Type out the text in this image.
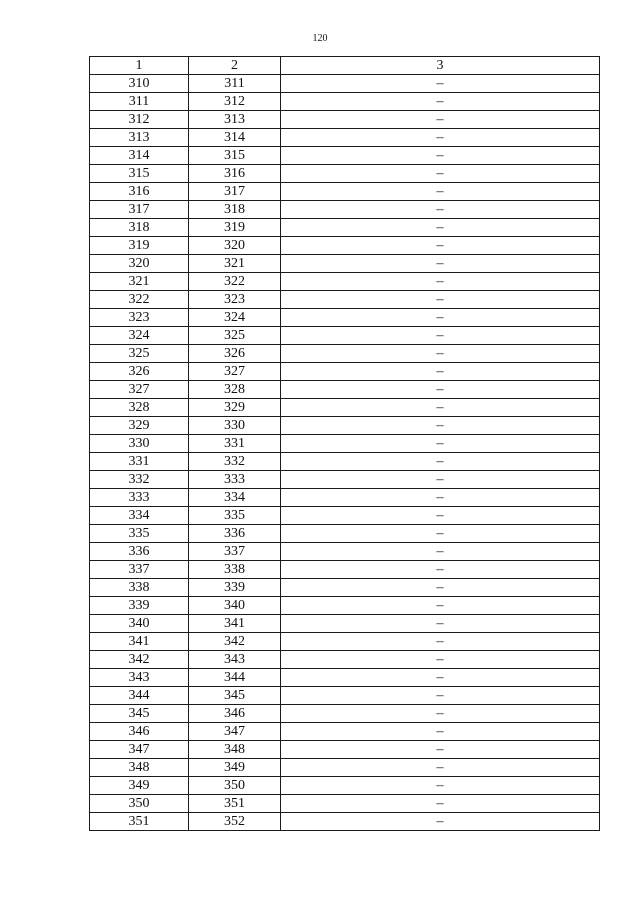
120
1	2	3
310	311	–
311	312	–
312	313	–
313	314	–
314	315	–
315	316	–
316	317	–
317	318	–
318	319	–
319	320	–
320	321	–
321	322	–
322	323	–
323	324	–
324	325	–
325	326	–
326	327	–
327	328	–
328	329	–
329	330	–
330	331	–
331	332	–
332	333	–
333	334	–
334	335	–
335	336	–
336	337	–
337	338	–
338	339	–
339	340	–
340	341	–
341	342	–
342	343	–
343	344	–
344	345	–
345	346	–
346	347	–
347	348	–
348	349	–
349	350	–
350	351	–
351	352	–
